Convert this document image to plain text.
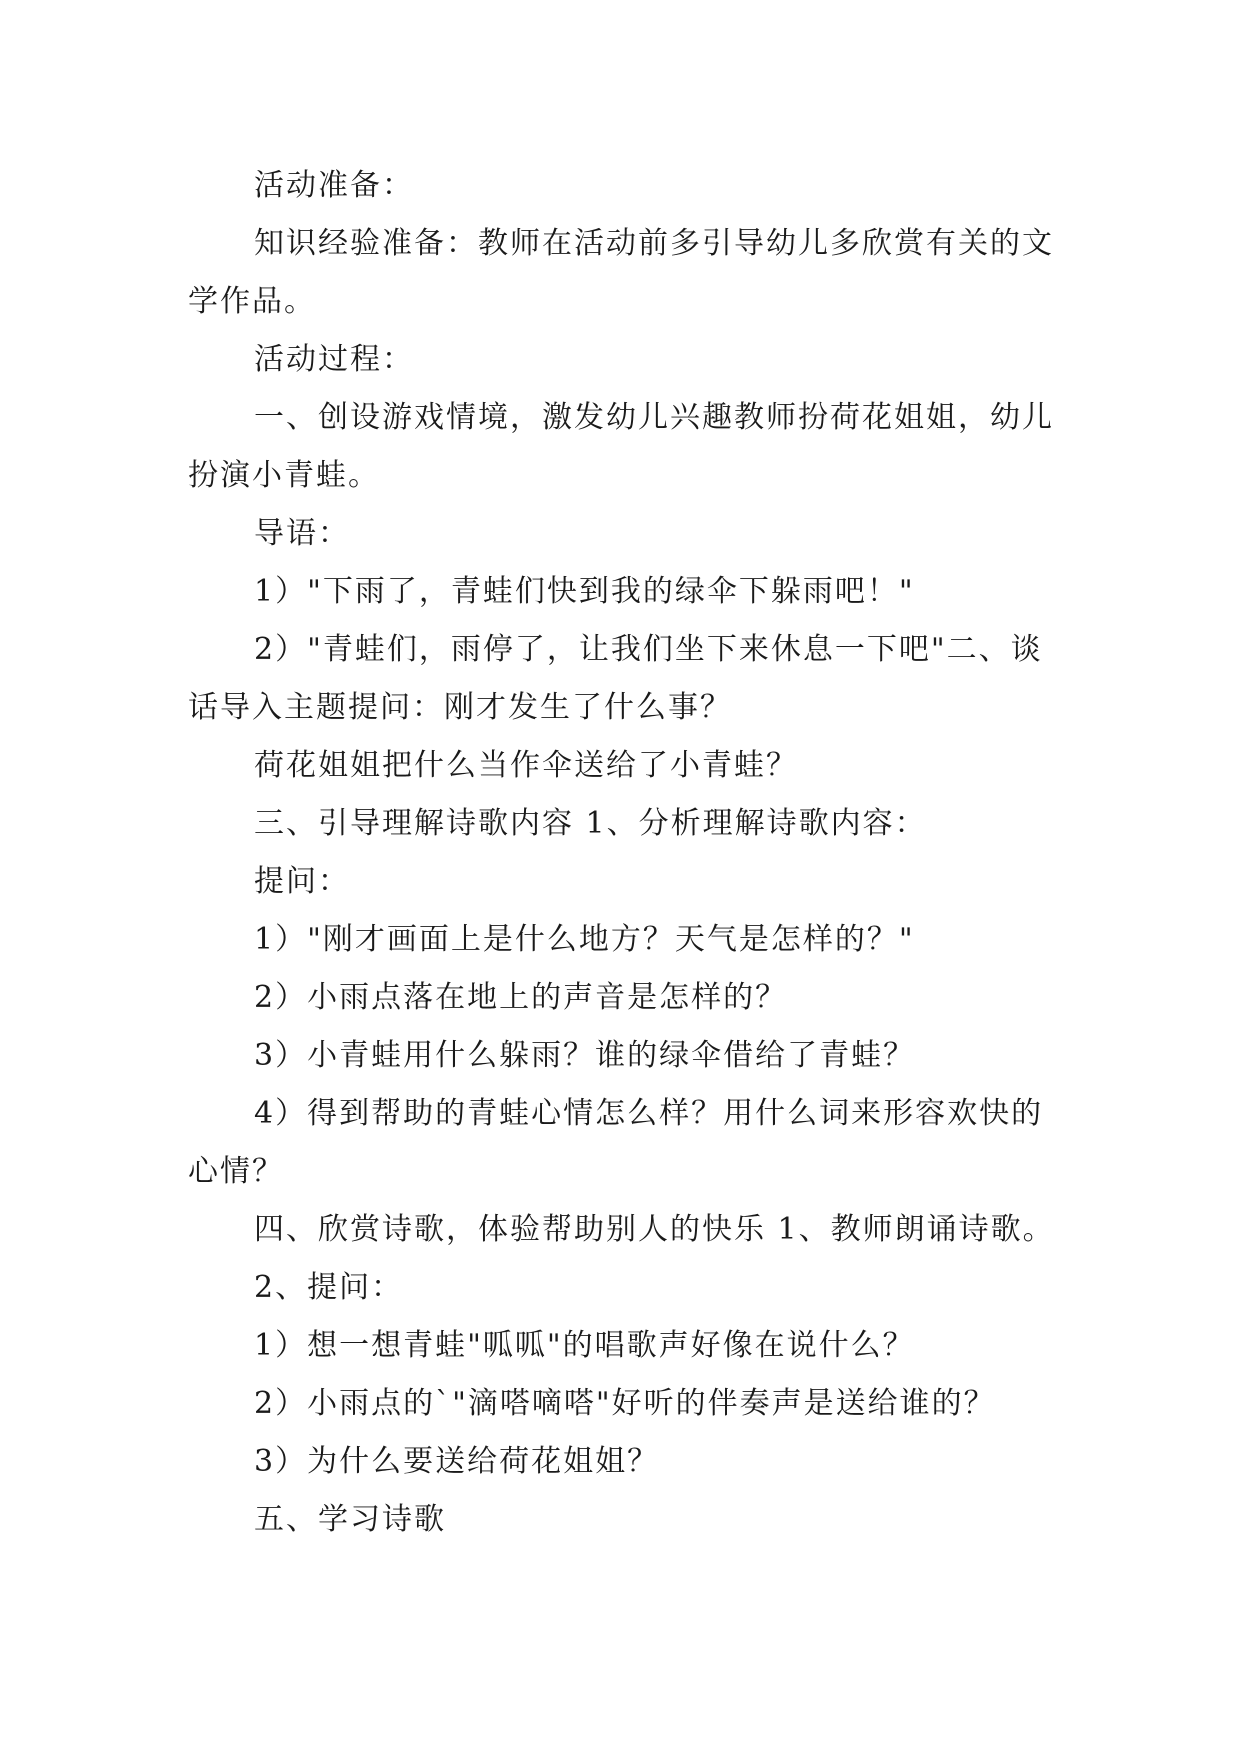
活动准备：

知识经验准备：教师在活动前多引导幼儿多欣赏有关的文学作品。

活动过程：

一、创设游戏情境，激发幼儿兴趣教师扮荷花姐姐，幼儿扮演小青蛙。

导语：

1）"下雨了，青蛙们快到我的绿伞下躲雨吧！"

2）"青蛙们，雨停了，让我们坐下来休息一下吧"二、谈话导入主题提问：刚才发生了什么事？

荷花姐姐把什么当作伞送给了小青蛙？

三、引导理解诗歌内容 1、分析理解诗歌内容：

提问：

1）"刚才画面上是什么地方？天气是怎样的？"

2）小雨点落在地上的声音是怎样的？

3）小青蛙用什么躲雨？谁的绿伞借给了青蛙？

4）得到帮助的青蛙心情怎么样？用什么词来形容欢快的心情？

四、欣赏诗歌，体验帮助别人的快乐 1、教师朗诵诗歌。

2、提问：

1）想一想青蛙"呱呱"的唱歌声好像在说什么？

2）小雨点的`"滴嗒嘀嗒"好听的伴奏声是送给谁的？

3）为什么要送给荷花姐姐？

五、学习诗歌
